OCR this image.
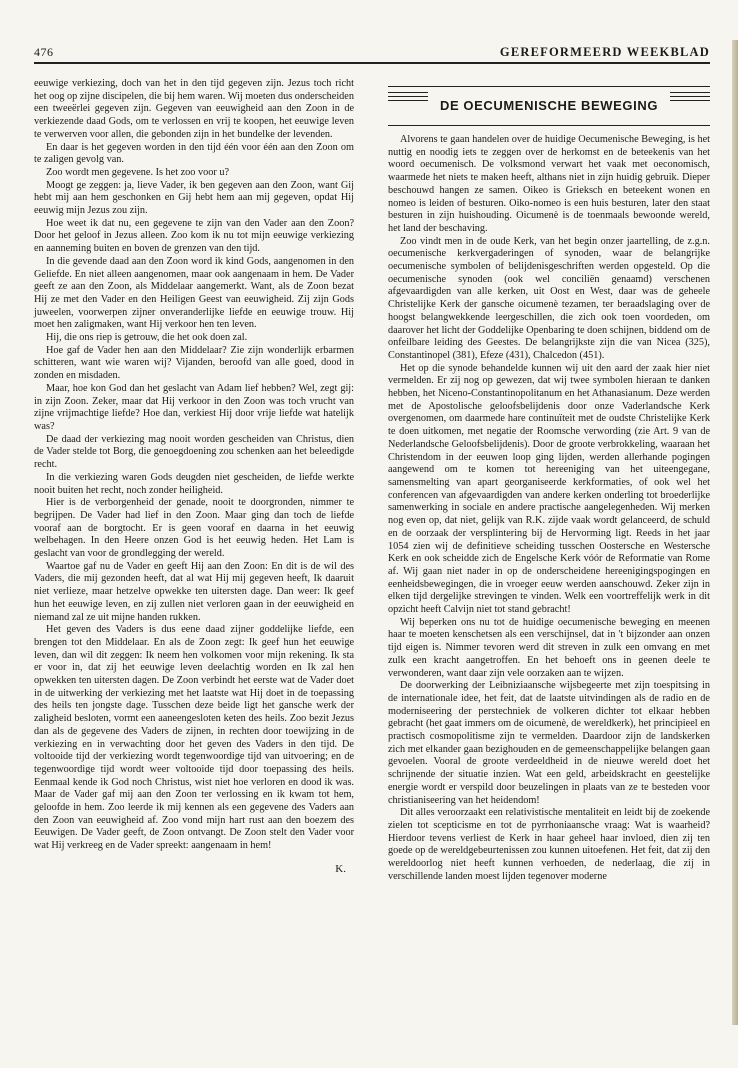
476	GEREFORMEERD WEEKBLAD

eeuwige verkiezing, doch van het in den tijd gegeven zijn. Jezus toch richt het oog op zijne discipelen, die bij hem waren. Wij moeten dus onderscheiden een tweeërlei gegeven zijn. Gegeven van eeuwigheid aan den Zoon in de verkiezende daad Gods, om te verlossen en vrij te koopen, het eeuwige leven te verwerven voor allen, die gebonden zijn in het bundelke der levenden.

En daar is het gegeven worden in den tijd één voor één aan den Zoon om te zaligen gevolg van.

Zoo wordt men gegevene. Is het zoo voor u?

Moogt ge zeggen: ja, lieve Vader, ik ben gegeven aan den Zoon, want Gij hebt mij aan hem geschonken en Gij hebt hem aan mij gegeven, opdat Hij eeuwig mijn Jezus zou zijn.

Hoe weet ik dat nu, een gegevene te zijn van den Vader aan den Zoon? Door het geloof in Jezus alleen. Zoo kom ik nu tot mijn eeuwige verkiezing en aanneming buiten en boven de grenzen van den tijd.

In die gevende daad aan den Zoon word ik kind Gods, aangenomen in den Geliefde. En niet alleen aangenomen, maar ook aangenaam in hem. De Vader geeft ze aan den Zoon, als Middelaar aangemerkt. Want, als de Zoon bezat Hij ze met den Vader en den Heiligen Geest van eeuwigheid. Zij zijn Gods juweelen, voorwerpen zijner onveranderlijke liefde en eeuwige trouw. Hij moet hen zaligmaken, want Hij verkoor hen ten leven.

Hij, die ons riep is getrouw, die het ook doen zal.

Hoe gaf de Vader hen aan den Middelaar? Zie zijn wonderlijk erbarmen schitteren, want wie waren wij? Vijanden, beroofd van alle goed, dood in zonden en misdaden.

Maar, hoe kon God dan het geslacht van Adam lief hebben? Wel, zegt gij: in zijn Zoon. Zeker, maar dat Hij verkoor in den Zoon was toch vrucht van zijne vrijmachtige liefde? Hoe dan, verkiest Hij door vrije liefde wat hatelijk was?

De daad der verkiezing mag nooit worden gescheiden van Christus, dien de Vader stelde tot Borg, die genoegdoening zou schenken aan het beleedigde recht.

In die verkiezing waren Gods deugden niet gescheiden, de liefde werkte nooit buiten het recht, noch zonder heiligheid.

Hier is de verborgenheid der genade, nooit te doorgronden, nimmer te begrijpen. De Vader had lief in den Zoon. Maar ging dan toch de liefde vooraf aan de borgtocht. Er is geen vooraf en daarna in het eeuwig welbehagen. In den Heere onzen God is het eeuwig heden. Het Lam is geslacht van voor de grondlegging der wereld.

Waartoe gaf nu de Vader en geeft Hij aan den Zoon: En dit is de wil des Vaders, die mij gezonden heeft, dat al wat Hij mij gegeven heeft, Ik daaruit niet verlieze, maar hetzelve opwekke ten uitersten dage. Dan weer: Ik geef hun het eeuwige leven, en zij zullen niet verloren gaan in der eeuwigheid en niemand zal ze uit mijne handen rukken.

Het geven des Vaders is dus eene daad zijner goddelijke liefde, een brengen tot den Middelaar. En als de Zoon zegt: Ik geef hun het eeuwige leven, dan wil dit zeggen: Ik neem hen volkomen voor mijn rekening. Ik sta er voor in, dat zij het eeuwige leven deelachtig worden en Ik zal hen opwekken ten uitersten dagen. De Zoon verbindt het eerste wat de Vader doet in de uitwerking der verkiezing met het laatste wat Hij doet in de toepassing des heils ten jongste dage. Tusschen deze beide ligt het gansche werk der zaligheid besloten, vormt een aaneengesloten keten des heils. Zoo bezit Jezus dan als de gegevene des Vaders de zijnen, in rechten door toewijzing in de verkiezing en in verwachting door het geven des Vaders in den tijd. De voltooide tijd der verkiezing wordt tegenwoordige tijd van uitvoering; en de tegenwoordige tijd wordt weer voltooide tijd door toepassing des heils. Eenmaal kende ik God noch Christus, wist niet hoe verloren en dood ik was. Maar de Vader gaf mij aan den Zoon ter verlossing en ik kwam tot hem, geloofde in hem. Zoo leerde ik mij kennen als een gegevene des Vaders aan den Zoon van eeuwigheid af. Zoo vond mijn hart rust aan den boezem des Eeuwigen. De Vader geeft, de Zoon ontvangt. De Zoon stelt den Vader voor wat Hij verkreeg en de Vader spreekt: aangenaam in hem!

K.
DE OECUMENISCHE BEWEGING

Alvorens te gaan handelen over de huidige Oecumenische Beweging, is het nuttig en noodig iets te zeggen over de herkomst en de beteekenis van het woord oecumenisch. De volksmond verwart het vaak met oeconomisch, waarmede het niets te maken heeft, althans niet in zijn huidig gebruik. Dieper beschouwd hangen ze samen. Oikeo is Grieksch en beteekent wonen en nomeo is leiden of besturen. Oiko-nomeo is een huis besturen, later den staat besturen in zijn huishouding. Oicumenè is de toenmaals bewoonde wereld, het land der beschaving.

Zoo vindt men in de oude Kerk, van het begin onzer jaartelling, de z.g.n. oecumenische kerkvergaderingen of synoden, waar de belangrijke oecumenische symbolen of belijdenisgeschriften werden opgesteld. Op die oecumenische synoden (ook wel conciliën genaamd) verschenen afgevaardigden van alle kerken, uit Oost en West, daar was de geheele Christelijke Kerk der gansche oicumenè tezamen, ter beraadslaging over de hoogst belangwekkende leergeschillen, die zich ook toen voordeden, om daarover het licht der Goddelijke Openbaring te doen schijnen, biddend om de onfeilbare leiding des Geestes. De belangrijkste zijn die van Nicea (325), Constantinopel (381), Efeze (431), Chalcedon (451).

Het op die synode behandelde kunnen wij uit den aard der zaak hier niet vermelden. Er zij nog op gewezen, dat wij twee symbolen hieraan te danken hebben, het Niceno-Constantinopolitanum en het Athanasianum. Deze werden met de Apostolische geloofsbelijdenis door onze Vaderlandsche Kerk overgenomen, om daarmede hare continuïteit met de oudste Christelijke Kerk te doen uitkomen, met negatie der Roomsche verwording (zie Art. 9 van de Nederlandsche Geloofsbelijdenis). Door de groote verbrokkeling, waaraan het Christendom in der eeuwen loop ging lijden, werden allerhande pogingen aangewend om te komen tot hereeniging van het uiteengegane, samensmelting van apart georganiseerde kerkformaties, of ook wel het conferencen van afgevaardigden van andere kerken onderling tot broederlijke samenwerking in sociale en andere practische aangelegenheden. Wij merken nog even op, dat niet, gelijk van R.K. zijde vaak wordt gelanceerd, de schuld en de oorzaak der versplintering bij de Hervorming ligt. Reeds in het jaar 1054 zien wij de definitieve scheiding tusschen Oostersche en Westersche Kerk en ook scheidde zich de Engelsche Kerk vóór de Reformatie van Rome af. Wij gaan niet nader in op de onderscheidene hereenigingspogingen en eenheidsbewegingen, die in vroeger eeuw werden aanschouwd. Zeker zijn in elken tijd dergelijke strevingen te vinden. Welk een voortreffelijk werk in dit opzicht heeft Calvijn niet tot stand gebracht!

Wij beperken ons nu tot de huidige oecumenische beweging en meenen haar te moeten kenschetsen als een verschijnsel, dat in 't bijzonder aan onzen tijd eigen is. Nimmer tevoren werd dit streven in zulk een omvang en met zulk een kracht aangetroffen. En het behoeft ons in geenen deele te verwonderen, want daar zijn vele oorzaken aan te wijzen.

De doorwerking der Leibniziaansche wijsbegeerte met zijn toespitsing in de internationale idee, het feit, dat de laatste uitvindingen als de radio en de moderniseering der perstechniek de volkeren dichter tot elkaar hebben gebracht (het gaat immers om de oicumenè, de wereldkerk), het principieel en practisch cosmopolitisme zijn te vermelden. Daardoor zijn de landskerken zich met elkander gaan bezighouden en de gemeenschappelijke belangen gaan gevoelen. Vooral de groote verdeeldheid in de nieuwe wereld doet het schrijnende der situatie inzien. Wat een geld, arbeidskracht en geestelijke energie wordt er verspild door beuzelingen in plaats van ze te besteden voor christianiseering van het heidendom!

Dit alles veroorzaakt een relativistische mentaliteit en leidt bij de zoekende zielen tot scepticisme en tot de pyrrhoniaansche vraag: Wat is waarheid? Hierdoor tevens verliest de Kerk in haar geheel haar invloed, dien zij ten goede op de wereldgebeurtenissen zou kunnen uitoefenen. Het feit, dat zij den wereldoorlog niet heeft kunnen verhoeden, de nederlaag, die zij in verschillende landen moest lijden tegenover moderne
